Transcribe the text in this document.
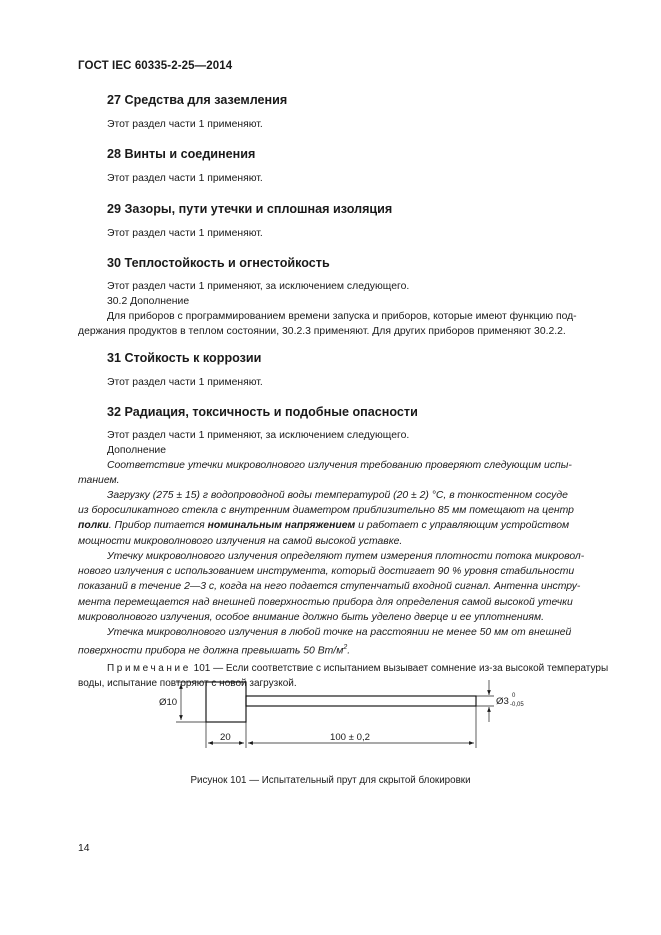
ГОСТ IEC 60335-2-25—2014
27 Средства для заземления
Этот раздел части 1 применяют.
28 Винты и соединения
Этот раздел части 1 применяют.
29 Зазоры, пути утечки и сплошная изоляция
Этот раздел части 1 применяют.
30 Теплостойкость и огнестойкость
Этот раздел части 1 применяют, за исключением следующего.
30.2 Дополнение
Для приборов с программированием времени запуска и приборов, которые имеют функцию под-
держания продуктов в теплом состоянии, 30.2.3 применяют. Для других приборов применяют 30.2.2.
31 Стойкость к коррозии
Этот раздел части 1 применяют.
32 Радиация, токсичность и подобные опасности
Этот раздел части 1 применяют, за исключением следующего.
Дополнение
Соответствие утечки микроволнового излучения требованию проверяют следующим испы-
танием.
Загрузку (275 ± 15) г водопроводной воды температурой (20 ± 2) °С, в тонкостенном сосуде
из боросиликатного стекла с внутренним диаметром приблизительно 85 мм помещают на центр
полки. Прибор питается номинальным напряжением и работает с управляющим устройством
мощности микроволнового излучения на самой высокой уставке.
Утечку микроволнового излучения определяют путем измерения плотности потока микровол-
нового излучения с использованием инструмента, который достигает 90 % уровня стабильности
показаний в течение 2—3 с, когда на него подается ступенчатый входной сигнал. Антенна инстру-
мента перемещается над внешней поверхностью прибора для определения самой высокой утечки
микроволнового излучения, особое внимание должно быть уделено дверце и ее уплотнениям.
Утечка микроволнового излучения в любой точке на расстоянии не менее 50 мм от внешней
поверхности прибора не должна превышать 50 $Вт/м^2$.
Примечание 101 — Если соответствие с испытанием вызывает сомнение из-за высокой температуры
воды, испытание повторяют с новой загрузкой.
Ø10	Ø3 0
-0,05
20	100 ± 0,2
Рисунок 101 — Испытательный прут для скрытой блокировки
14
